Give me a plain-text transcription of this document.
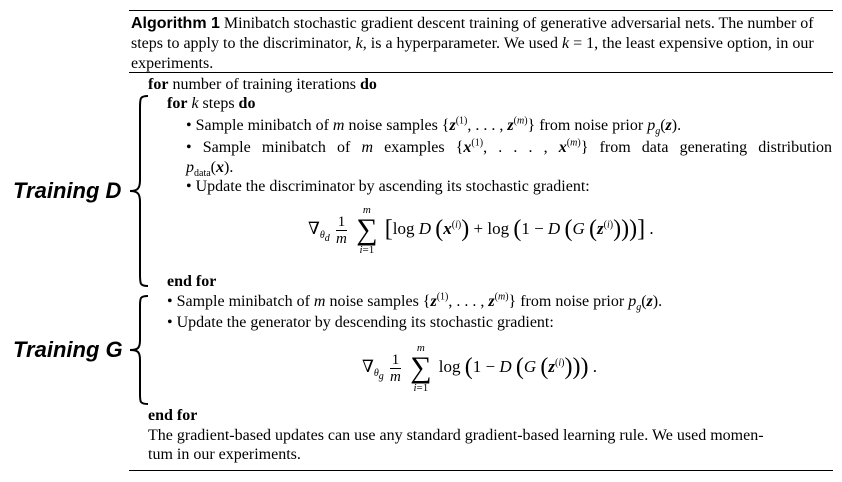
Algorithm 1 Minibatch stochastic gradient descent training of generative adversarial nets. The number of steps to apply to the discriminator, k, is a hyperparameter. We used k = 1, the least expensive option, in our experiments.
for number of training iterations do
for k steps do
• Sample minibatch of m noise samples {$z^{(1)}$, . . . , $z^{(m)}$} from noise prior $p_g(z)$.
• Sample minibatch of m examples {$x^{(1)}$, . . . , $x^{(m)}$} from data generating distribution
$p_{data}(x)$.
• Update the discriminator by ascending its stochastic gradient:
$\nabla_{\theta_d} \frac{1}{m}$

m
∑
i=1
[log D $(x^{(i)}) + \log (1 - D$ (G $(z^{(i)})$))] .
end for
• Sample minibatch of m noise samples {$z^{(1)}$, . . . , $z^{(m)}$} from noise prior $p_g(z)$.
• Update the generator by descending its stochastic gradient:
$\nabla_{\theta_g} \frac{1}{m}$

m
∑
i=1
log (1 − D (G $(z^{(i)})$)) .
end for
The gradient-based updates can use any standard gradient-based learning rule. We used momen-
tum in our experiments.
Training D
Training G
